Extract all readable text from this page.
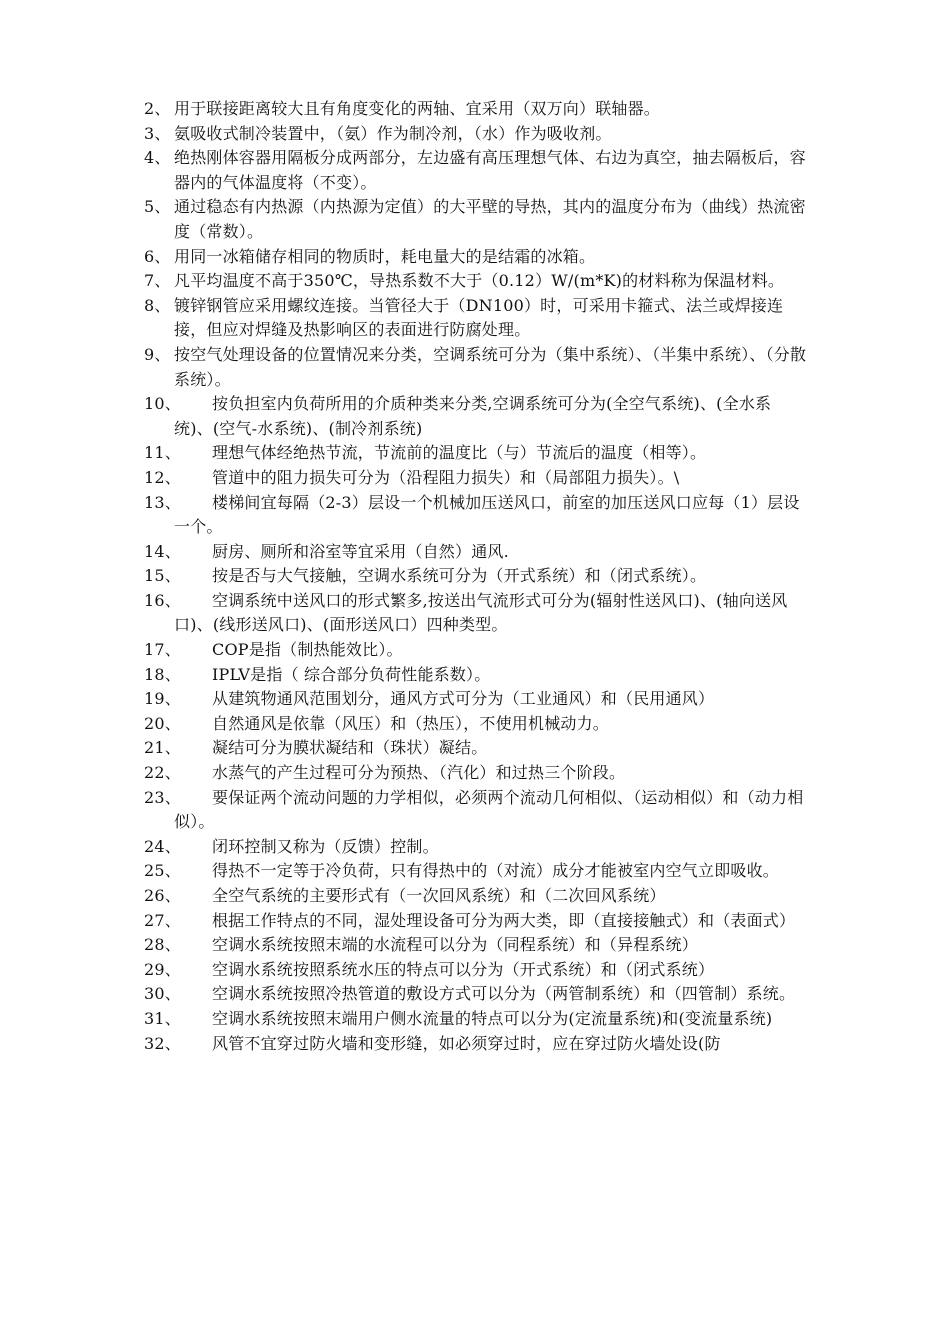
2、 用于联接距离较大且有角度变化的两轴、宜采用（双万向）联轴器。
3、 氨吸收式制冷装置中，（氨）作为制冷剂，（水）作为吸收剂。
4、 绝热刚体容器用隔板分成两部分，左边盛有高压理想气体、右边为真空，抽去隔板后，容器内的气体温度将（不变）。
5、 通过稳态有内热源（内热源为定值）的大平壁的导热，其内的温度分布为（曲线）热流密度（常数）。
6、 用同一冰箱储存相同的物质时，耗电量大的是结霜的冰箱。
7、 凡平均温度不高于350℃，导热系数不大于（0.12）W/(m*K)的材料称为保温材料。
8、 镀锌钢管应采用螺纹连接。当管径大于（DN100）时，可采用卡箍式、法兰或焊接连接，但应对焊缝及热影响区的表面进行防腐处理。
9、 按空气处理设备的位置情况来分类，空调系统可分为（集中系统）、（半集中系统）、（分散系统）。
10、 按负担室内负荷所用的介质种类来分类,空调系统可分为(全空气系统)、(全水系统)、(空气-水系统)、(制冷剂系统)
11、 理想气体经绝热节流，节流前的温度比（与）节流后的温度（相等）。
12、 管道中的阻力损失可分为（沿程阻力损失）和（局部阻力损失）。\
13、 楼梯间宜每隔（2-3）层设一个机械加压送风口，前室的加压送风口应每（1）层设一个。
14、 厨房、厕所和浴室等宜采用（自然）通风.
15、 按是否与大气接触，空调水系统可分为（开式系统）和（闭式系统）。
16、 空调系统中送风口的形式繁多,按送出气流形式可分为(辐射性送风口)、(轴向送风口)、(线形送风口)、(面形送风口）四种类型。
17、 COP是指（制热能效比）。
18、 IPLV是指（ 综合部分负荷性能系数）。
19、 从建筑物通风范围划分，通风方式可分为（工业通风）和（民用通风）
20、 自然通风是依靠（风压）和（热压），不使用机械动力。
21、 凝结可分为膜状凝结和（珠状）凝结。
22、 水蒸气的产生过程可分为预热、（汽化）和过热三个阶段。
23、 要保证两个流动问题的力学相似，必须两个流动几何相似、（运动相似）和（动力相似）。
24、 闭环控制又称为（反馈）控制。
25、 得热不一定等于冷负荷，只有得热中的（对流）成分才能被室内空气立即吸收。
26、 全空气系统的主要形式有（一次回风系统）和（二次回风系统）
27、 根据工作特点的不同，湿处理设备可分为两大类，即（直接接触式）和（表面式）
28、 空调水系统按照末端的水流程可以分为（同程系统）和（异程系统）
29、 空调水系统按照系统水压的特点可以分为（开式系统）和（闭式系统）
30、 空调水系统按照冷热管道的敷设方式可以分为（两管制系统）和（四管制）系统。
31、 空调水系统按照末端用户侧水流量的特点可以分为(定流量系统)和(变流量系统)
32、 风管不宜穿过防火墙和变形缝，如必须穿过时，应在穿过防火墙处设(防
